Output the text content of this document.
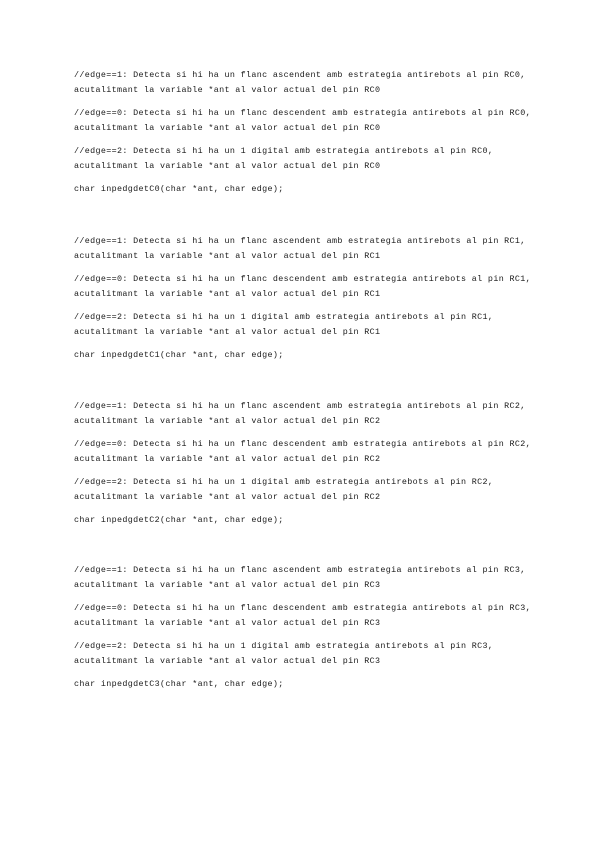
//edge==1: Detecta si hi ha un flanc ascendent amb estrategia antirebots al pin RC0, acutalitmant la variable *ant al valor actual del pin RC0

//edge==0: Detecta si hi ha un flanc descendent amb estrategia antirebots al pin RC0, acutalitmant la variable *ant al valor actual del pin RC0

//edge==2: Detecta si hi ha un 1 digital amb estrategia antirebots al pin RC0, acutalitmant la variable *ant al valor actual del pin RC0

char inpedgdetC0(char *ant, char edge);

//edge==1: Detecta si hi ha un flanc ascendent amb estrategia antirebots al pin RC1, acutalitmant la variable *ant al valor actual del pin RC1

//edge==0: Detecta si hi ha un flanc descendent amb estrategia antirebots al pin RC1, acutalitmant la variable *ant al valor actual del pin RC1

//edge==2: Detecta si hi ha un 1 digital amb estrategia antirebots al pin RC1, acutalitmant la variable *ant al valor actual del pin RC1

char inpedgdetC1(char *ant, char edge);

//edge==1: Detecta si hi ha un flanc ascendent amb estrategia antirebots al pin RC2, acutalitmant la variable *ant al valor actual del pin RC2

//edge==0: Detecta si hi ha un flanc descendent amb estrategia antirebots al pin RC2, acutalitmant la variable *ant al valor actual del pin RC2

//edge==2: Detecta si hi ha un 1 digital amb estrategia antirebots al pin RC2, acutalitmant la variable *ant al valor actual del pin RC2

char inpedgdetC2(char *ant, char edge);

//edge==1: Detecta si hi ha un flanc ascendent amb estrategia antirebots al pin RC3, acutalitmant la variable *ant al valor actual del pin RC3

//edge==0: Detecta si hi ha un flanc descendent amb estrategia antirebots al pin RC3, acutalitmant la variable *ant al valor actual del pin RC3

//edge==2: Detecta si hi ha un 1 digital amb estrategia antirebots al pin RC3, acutalitmant la variable *ant al valor actual del pin RC3

char inpedgdetC3(char *ant, char edge);
